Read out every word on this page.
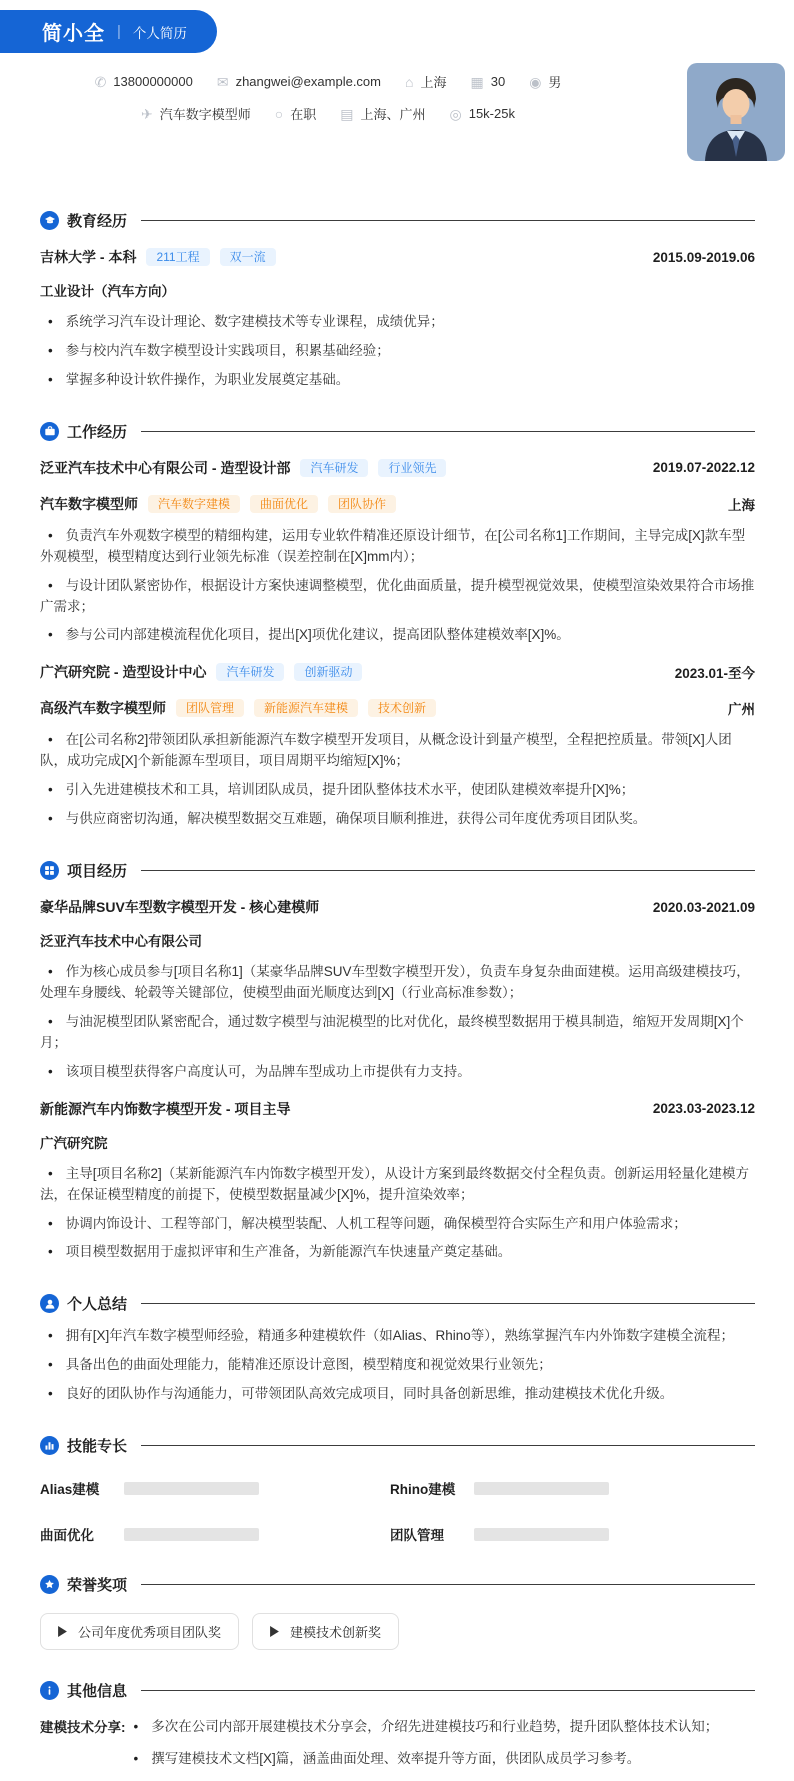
简小全 | 个人简历
✆ 13800000000 ✉ zhangwei@example.com ⌂ 上海 ▦ 30 ◉ 男
✈ 汽车数字模型师 ○ 在职 ▤ 上海、广州 ◎ 15k-25k
教育经历
吉林大学 - 本科	211工程	双一流	2015.09-2019.06
工业设计（汽车方向）
• 系统学习汽车设计理论、数字建模技术等专业课程，成绩优异；
• 参与校内汽车数字模型设计实践项目，积累基础经验；
• 掌握多种设计软件操作，为职业发展奠定基础。
工作经历
泛亚汽车技术中心有限公司 - 造型设计部	汽车研发	行业领先	2019.07-2022.12
汽车数字模型师	汽车数字建模	曲面优化	团队协作	上海
• 负责汽车外观数字模型的精细构建，运用专业软件精准还原设计细节，在[公司名称1]工作期间，主导完成[X]款车型外观模型，模型精度达到行业领先标准（误差控制在[X]mm内）；
• 与设计团队紧密协作，根据设计方案快速调整模型，优化曲面质量，提升模型视觉效果，使模型渲染效果符合市场推广需求；
• 参与公司内部建模流程优化项目，提出[X]项优化建议，提高团队整体建模效率[X]%。
广汽研究院 - 造型设计中心	汽车研发	创新驱动	2023.01-至今
高级汽车数字模型师	团队管理	新能源汽车建模	技术创新	广州
• 在[公司名称2]带领团队承担新能源汽车数字模型开发项目，从概念设计到量产模型，全程把控质量。带领[X]人团队，成功完成[X]个新能源车型项目，项目周期平均缩短[X]%；
• 引入先进建模技术和工具，培训团队成员，提升团队整体技术水平，使团队建模效率提升[X]%；
• 与供应商密切沟通，解决模型数据交互难题，确保项目顺利推进，获得公司年度优秀项目团队奖。
项目经历
豪华品牌SUV车型数字模型开发 - 核心建模师	2020.03-2021.09
泛亚汽车技术中心有限公司
• 作为核心成员参与[项目名称1]（某豪华品牌SUV车型数字模型开发），负责车身复杂曲面建模。运用高级建模技巧，处理车身腰线、轮毂等关键部位，使模型曲面光顺度达到[X]（行业高标准参数）；
• 与油泥模型团队紧密配合，通过数字模型与油泥模型的比对优化，最终模型数据用于模具制造，缩短开发周期[X]个月；
• 该项目模型获得客户高度认可，为品牌车型成功上市提供有力支持。
新能源汽车内饰数字模型开发 - 项目主导	2023.03-2023.12
广汽研究院
• 主导[项目名称2]（某新能源汽车内饰数字模型开发），从设计方案到最终数据交付全程负责。创新运用轻量化建模方法，在保证模型精度的前提下，使模型数据量减少[X]%，提升渲染效率；
• 协调内饰设计、工程等部门，解决模型装配、人机工程等问题，确保模型符合实际生产和用户体验需求；
• 项目模型数据用于虚拟评审和生产准备，为新能源汽车快速量产奠定基础。
个人总结
• 拥有[X]年汽车数字模型师经验，精通多种建模软件（如Alias、Rhino等），熟练掌握汽车内外饰数字建模全流程；
• 具备出色的曲面处理能力，能精准还原设计意图，模型精度和视觉效果行业领先；
• 良好的团队协作与沟通能力，可带领团队高效完成项目，同时具备创新思维，推动建模技术优化升级。
技能专长
Alias建模	Rhino建模
曲面优化	团队管理
荣誉奖项
公司年度优秀项目团队奖	建模技术创新奖
其他信息
建模技术分享:	• 多次在公司内部开展建模技术分享会，介绍先进建模技巧和行业趋势，提升团队整体技术认知；
• 撰写建模技术文档[X]篇，涵盖曲面处理、效率提升等方面，供团队成员学习参考。
